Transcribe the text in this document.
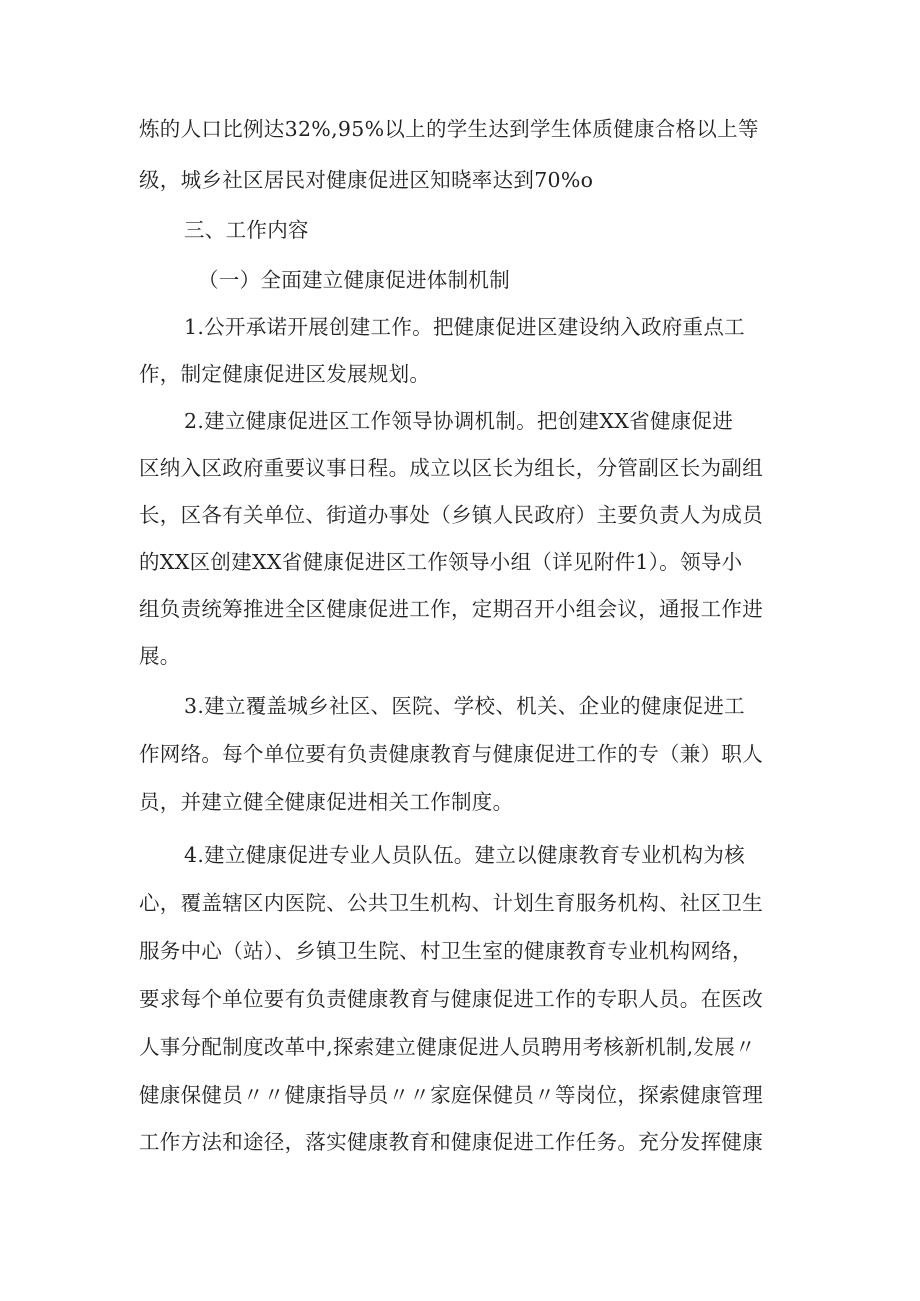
炼的人口比例达32%,95%以上的学生达到学生体质健康合格以上等
级，城乡社区居民对健康促进区知晓率达到70%o
三、工作内容
（一）全面建立健康促进体制机制
1.公开承诺开展创建工作。把健康促进区建设纳入政府重点工
作，制定健康促进区发展规划。
2.建立健康促进区工作领导协调机制。把创建XX省健康促进
区纳入区政府重要议事日程。成立以区长为组长，分管副区长为副组
长，区各有关单位、街道办事处（乡镇人民政府）主要负责人为成员
的XX区创建XX省健康促进区工作领导小组（详见附件1）。领导小
组负责统筹推进全区健康促进工作，定期召开小组会议，通报工作进
展。
3.建立覆盖城乡社区、医院、学校、机关、企业的健康促进工
作网络。每个单位要有负责健康教育与健康促进工作的专（兼）职人
员，并建立健全健康促进相关工作制度。
4.建立健康促进专业人员队伍。建立以健康教育专业机构为核
心，覆盖辖区内医院、公共卫生机构、计划生育服务机构、社区卫生
服务中心（站）、乡镇卫生院、村卫生室的健康教育专业机构网络，
要求每个单位要有负责健康教育与健康促进工作的专职人员。在医改
人事分配制度改革中,探索建立健康促进人员聘用考核新机制,发展〃
健康保健员〃〃健康指导员〃〃家庭保健员〃等岗位，探索健康管理
工作方法和途径，落实健康教育和健康促进工作任务。充分发挥健康
